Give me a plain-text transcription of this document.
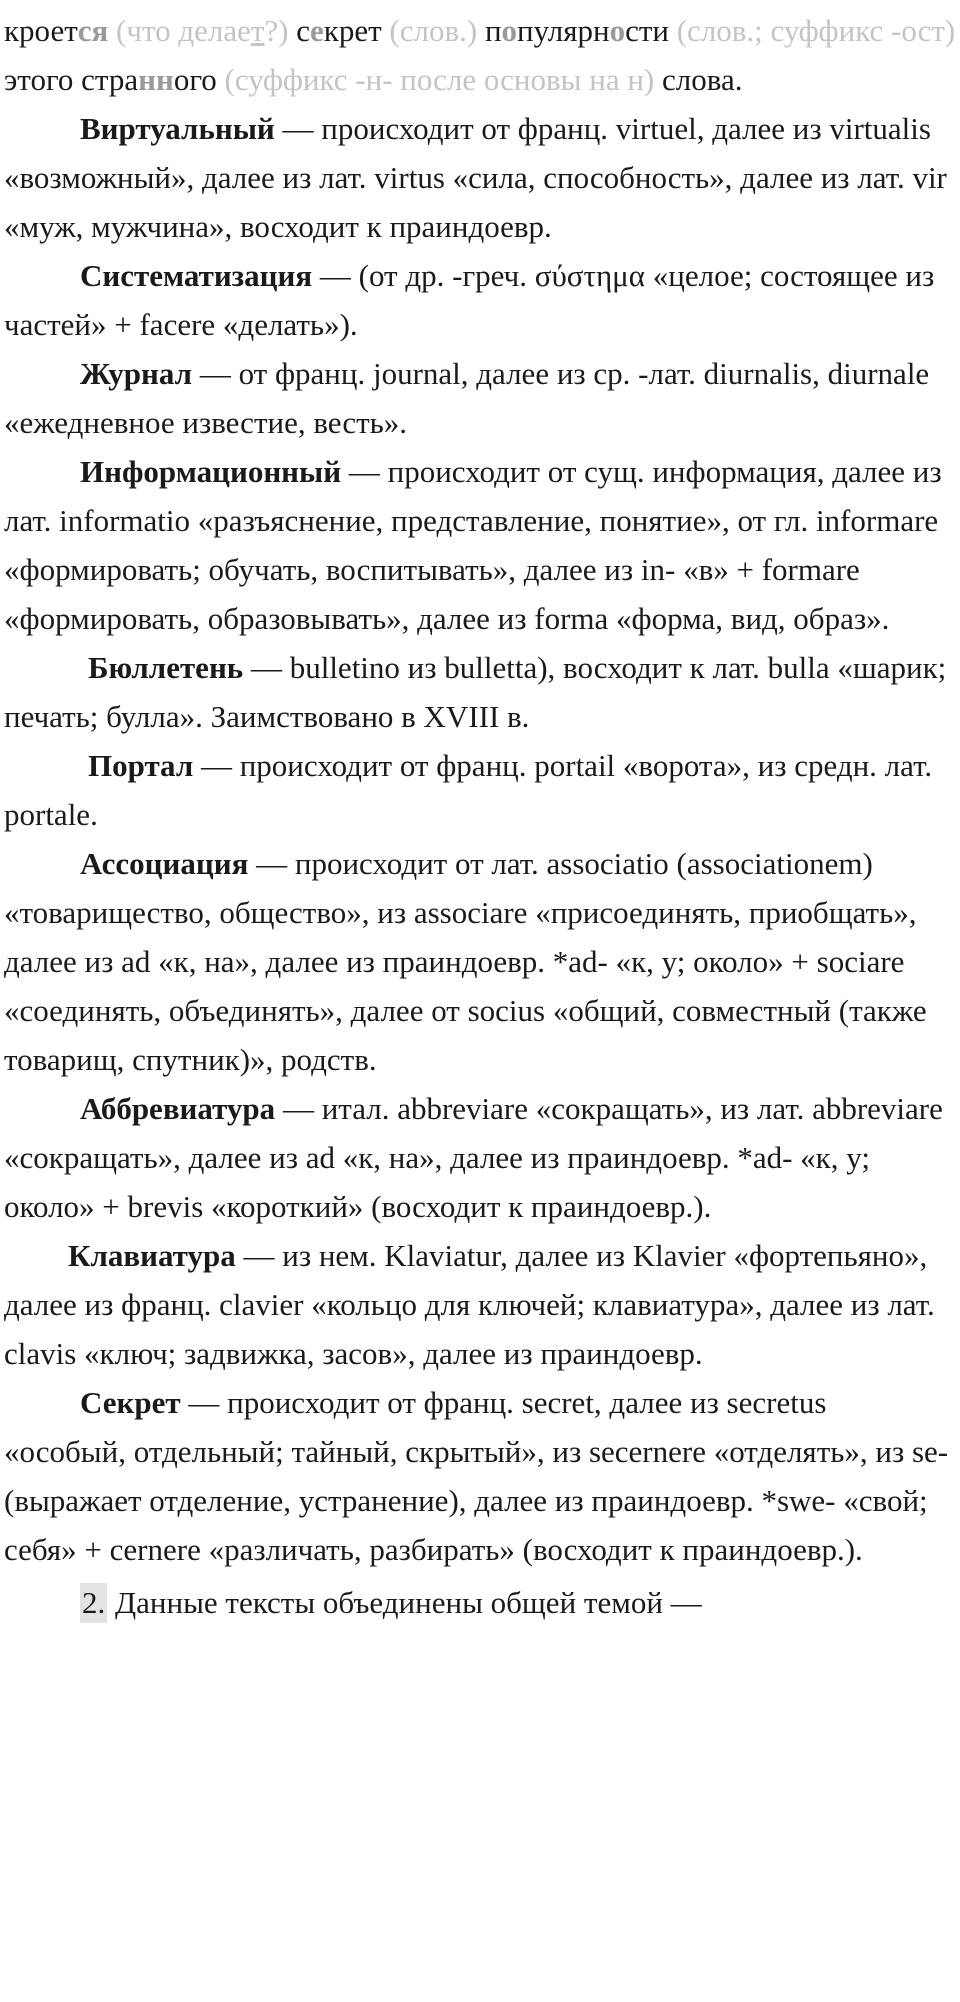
кроется (что делает?) секрет (слов.) популярности (слов.; суффикс -ост) этого странного (суффикс -н- после основы на н) слова.

Виртуальный — происходит от франц. virtuel, далее из virtualis «возможный», далее из лат. virtus «сила, способность», далее из лат. vir «муж, мужчина», восходит к праиндоевр.

Систематизация — (от др. -греч. σύστημα «целое; состоящее из частей» + facere «делать»).

Журнал — от франц. journal, далее из ср. -лат. diurnalis, diurnale «ежедневное известие, весть».

Информационный — происходит от сущ. информация, далее из лат. informatio «разъяснение, представление, понятие», от гл. informare «формировать; обучать, воспитывать», далее из in- «в» + formare «формировать, образовывать», далее из forma «форма, вид, образ».

Бюллетень — bulletino из bulletta), восходит к лат. bulla «шарик; печать; булла». Заимствовано в XVIII в.

Портал — происходит от франц. portail «ворота», из средн. лат. portale.

Ассоциация — происходит от лат. associatio (associationem) «товарищество, общество», из associare «присоединять, приобщать», далее из ad «к, на», далее из праиндоевр. *ad- «к, у; около» + sociare «соединять, объединять», далее от socius «общий, совместный (также товарищ, спутник)», родств.

Аббревиатура — итал. abbreviare «сокращать», из лат. abbreviare «сокращать», далее из ad «к, на», далее из праиндоевр. *ad- «к, у; около» + brevis «короткий» (восходит к праиндоевр.).

Клавиатура — из нем. Klaviatur, далее из Klavier «фортепьяно», далее из франц. clavier «кольцо для ключей; клавиатура», далее из лат. clavis «ключ; задвижка, засов», далее из праиндоевр.

Секрет — происходит от франц. secret, далее из secretus «особый, отдельный; тайный, скрытый», из secernere «отделять», из se- (выражает отделение, устранение), далее из праиндоевр. *swe- «свой; себя» + cernere «различать, разбирать» (восходит к праиндоевр.).

2. Данные тексты объединены общей темой —
